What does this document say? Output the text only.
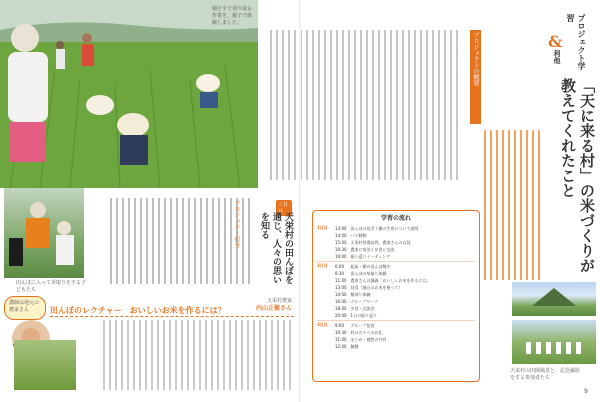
稲を手で刈り取る作業を、親子で体験しました。
田んぼに入って草取りをする子どもたち
三日目 天栄村の田んぼを通じ、人々の思いを知る
プロジェクト紹介
田んぼのレクチャー　おいしいお米を作るには？
天栄村農家
内山正樹さん
講師は地元の農家さん
プロジェクトの概要	プロジェクト学習
&
利他
「天に来る村」の米づくりが教えてくれたこと
学習の流れ
1日目	13:00	田んぼの見学 / 稲の生育について説明
14:00	バス移動
15:00	天栄村役場訪問、農家さんのお話
16:30	農家に宿泊 / 夕食と交流
19:00	振り返りミーティング
2日目	6:00	起床・朝の田んぼ散歩
8:30	田んぼの草取り体験
11:00	農家さんの講義「おいしいお米を作るには」
13:00	昼食（地元のお米を使って）
14:00	稲刈り体験
16:00	グループワーク
18:00	夕食・交流会
20:00	1日の振り返り
3日目	9:00	グループ発表
10:30	村の方々へのお礼
11:00	まとめ・感想の共有
12:00	解散
天栄村の田園風景と、記念撮影をする参加者たち
9
